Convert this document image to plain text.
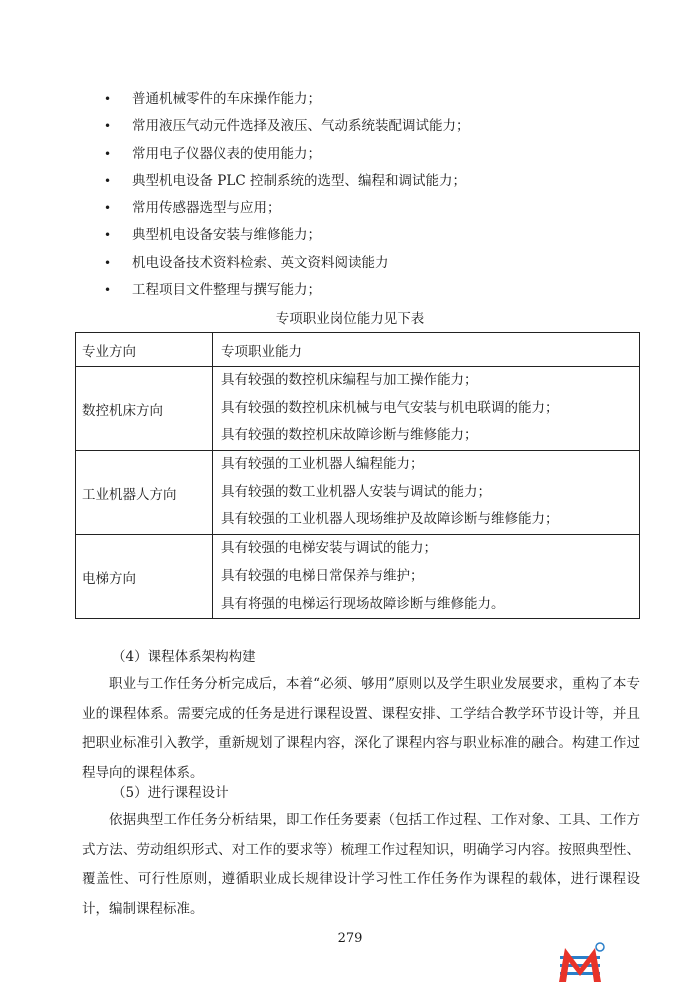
• 普通机械零件的车床操作能力；
• 常用液压气动元件选择及液压、气动系统装配调试能力；
• 常用电子仪器仪表的使用能力；
• 典型机电设备 PLC 控制系统的选型、编程和调试能力；
• 常用传感器选型与应用；
• 典型机电设备安装与维修能力；
• 机电设备技术资料检索、英文资料阅读能力
• 工程项目文件整理与撰写能力；
专项职业岗位能力见下表
专业方向	专项职业能力
数控机床方向	具有较强的数控机床编程与加工操作能力；
具有较强的数控机床机械与电气安装与机电联调的能力；
具有较强的数控机床故障诊断与维修能力；

工业机器人方向	具有较强的工业机器人编程能力；
具有较强的数工业机器人安装与调试的能力；
具有较强的工业机器人现场维护及故障诊断与维修能力；

电梯方向	具有较强的电梯安装与调试的能力；
具有较强的电梯日常保养与维护；
具有将强的电梯运行现场故障诊断与维修能力。
（4）课程体系架构构建

职业与工作任务分析完成后，本着“必须、够用”原则以及学生职业发展要求，重构了本专业的课程体系。需要完成的任务是进行课程设置、课程安排、工学结合教学环节设计等，并且把职业标准引入教学，重新规划了课程内容，深化了课程内容与职业标准的融合。构建工作过程导向的课程体系。

（5）进行课程设计

依据典型工作任务分析结果，即工作任务要素（包括工作过程、工作对象、工具、工作方式方法、劳动组织形式、对工作的要求等）梳理工作过程知识，明确学习内容。按照典型性、覆盖性、可行性原则，遵循职业成长规律设计学习性工作任务作为课程的载体，进行课程设计，编制课程标准。

279
